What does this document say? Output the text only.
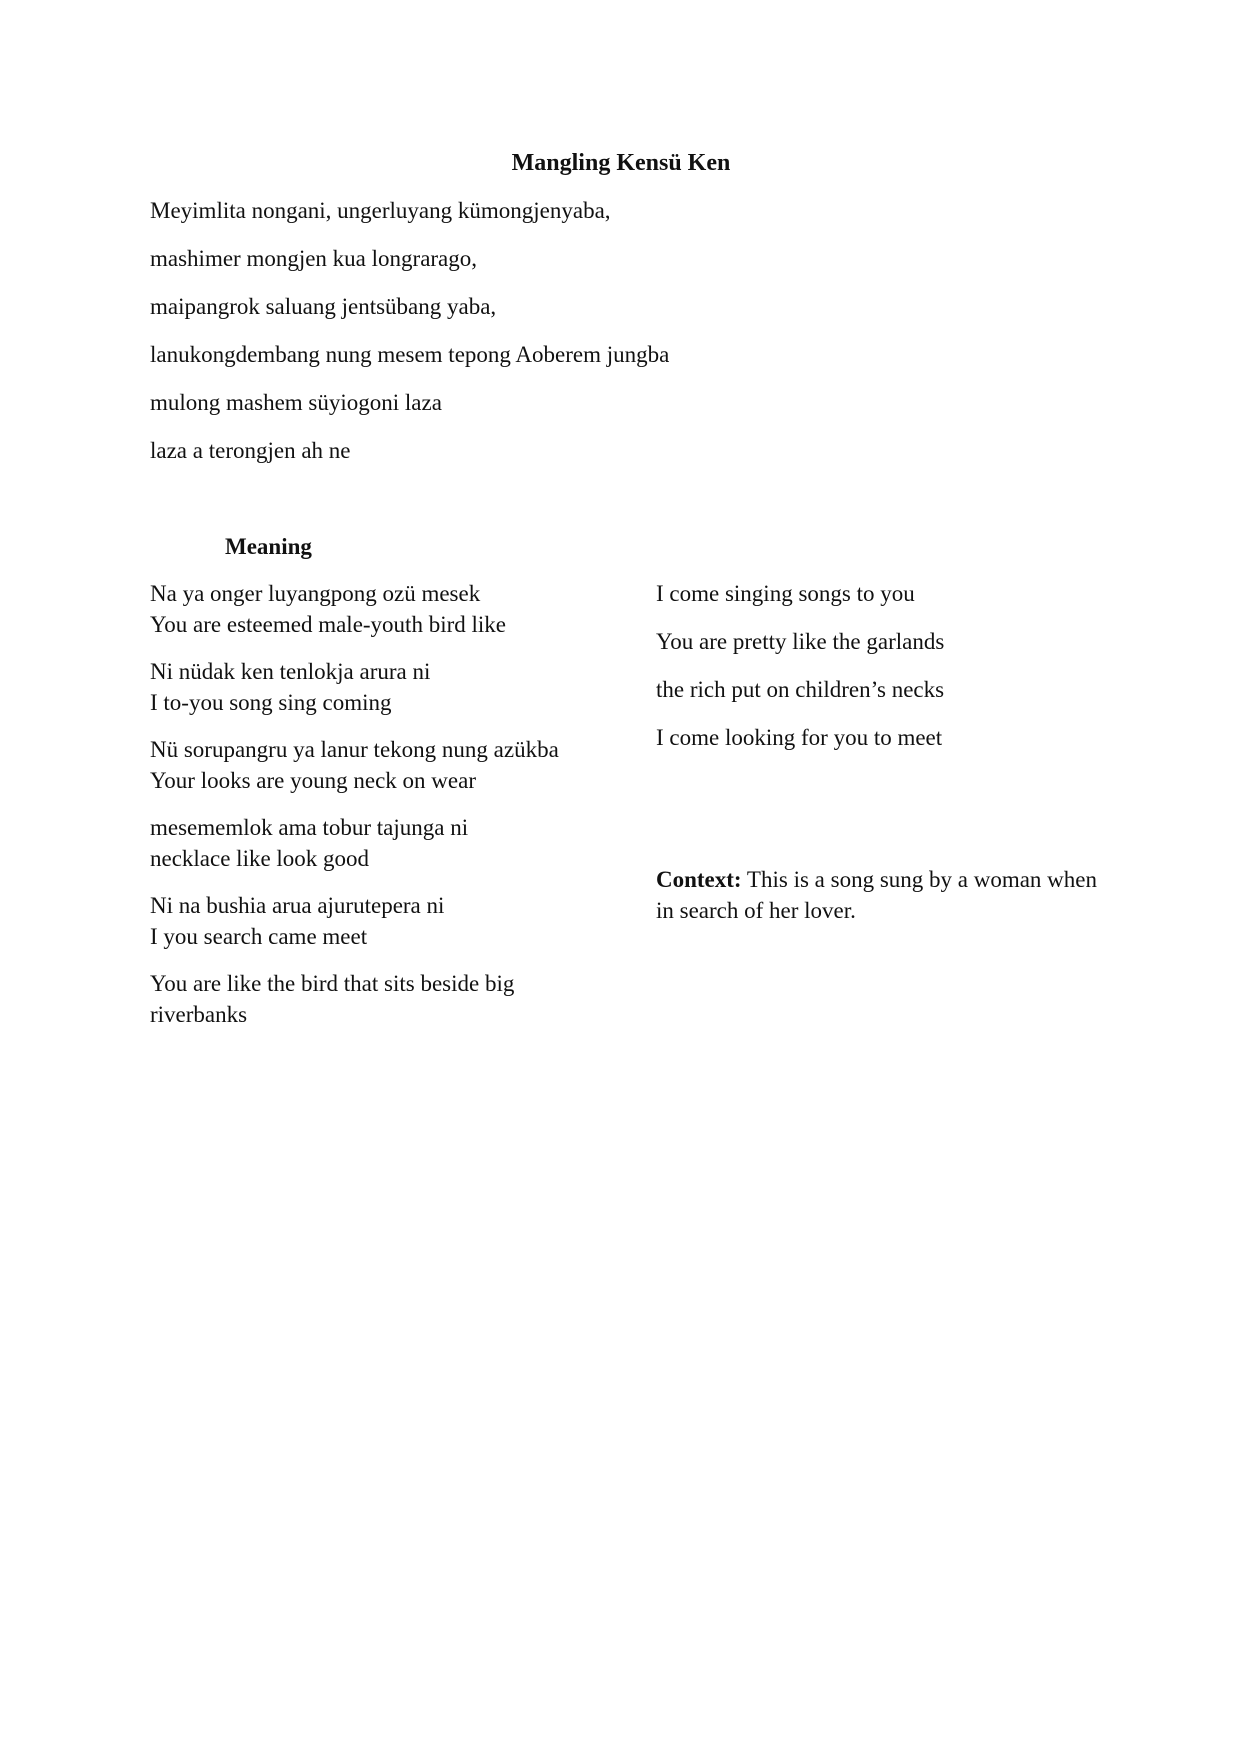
Mangling Kensü Ken
Meyimlita nongani, ungerluyang kümongjenyaba,
mashimer mongjen kua longrarago,
maipangrok saluang jentsübang yaba,
lanukongdembang nung mesem tepong Aoberem jungba
mulong mashem süyiogoni laza
laza a terongjen ah ne
Meaning
Na ya onger luyangpong ozü mesek
You are esteemed male-youth bird like
Ni nüdak ken tenlokja arura ni
I to-you song sing coming
Nü sorupangru ya lanur tekong nung azükba
Your looks are young neck on wear
mesememlok ama tobur tajunga ni
necklace like look good
Ni na bushia arua ajurutepera ni
I you search came meet
You are like the bird that sits beside big riverbanks
I come singing songs to you
You are pretty like the garlands
the rich put on children’s necks
I come looking for you to meet
Context: This is a song sung by a woman when in search of her lover.
